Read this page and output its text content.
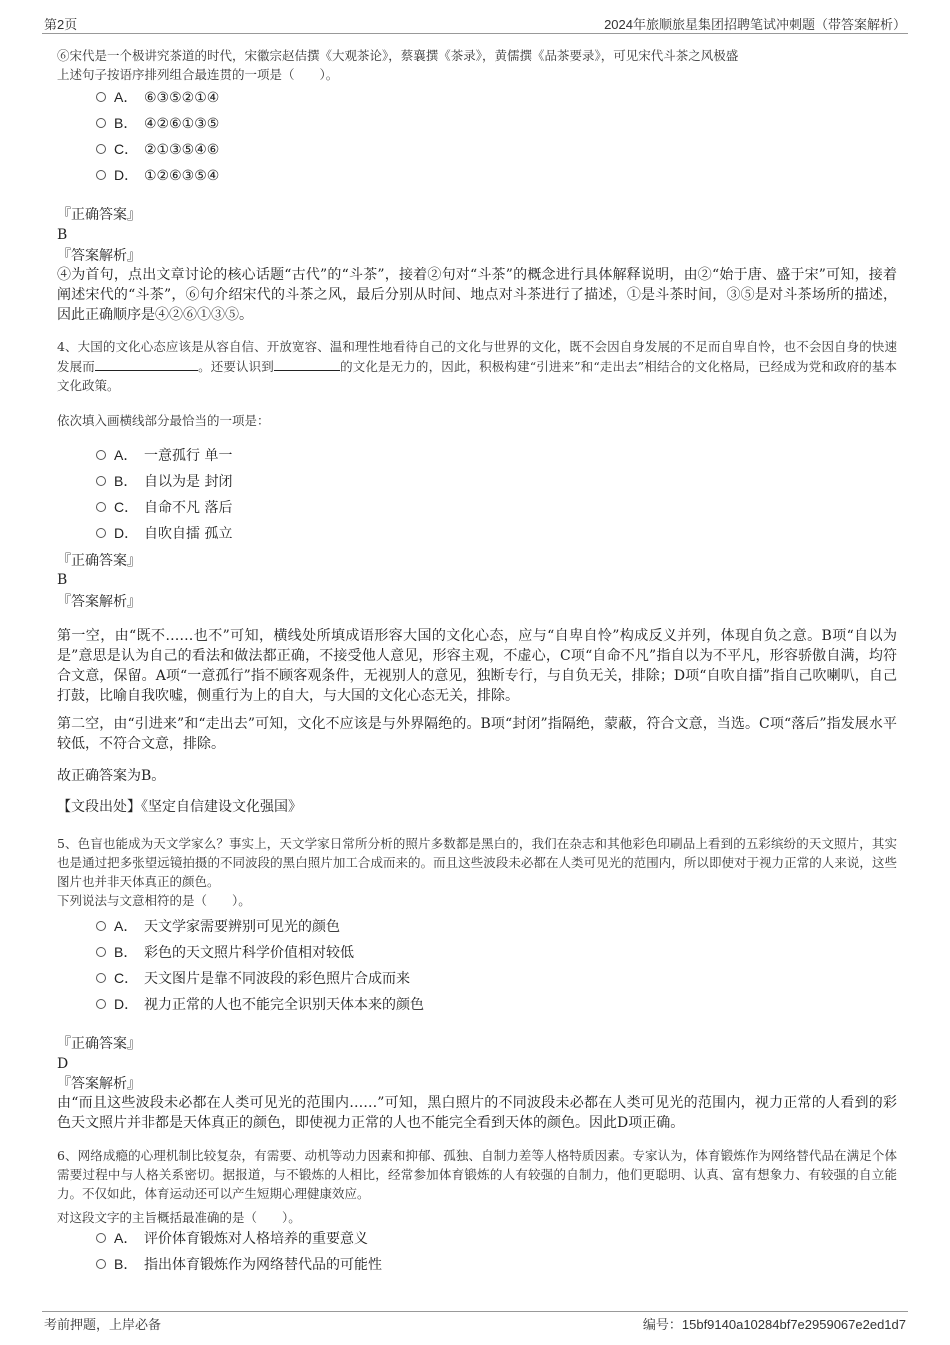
第2页	2024年旅顺旅星集团招聘笔试冲刺题（带答案解析）
⑥宋代是一个极讲究茶道的时代，宋徽宗赵佶撰《大观茶论》，蔡襄撰《茶录》，黄儒撰《品茶要录》，可见宋代斗茶之风极盛
上述句子按语序排列组合最连贯的一项是（　　）。
A． ⑥③⑤②①④
B． ④②⑥①③⑤
C． ②①③⑤④⑥
D． ①②⑥③⑤④
『正确答案』
B
『答案解析』
④为首句，点出文章讨论的核心话题“古代”的“斗茶”，接着②句对“斗茶”的概念进行具体解释说明，由②“始于唐、盛于宋”可知，接着阐述宋代的“斗茶”，⑥句介绍宋代的斗茶之风，最后分别从时间、地点对斗茶进行了描述，①是斗茶时间，③⑤是对斗茶场所的描述，因此正确顺序是④②⑥①③⑤。
4、大国的文化心态应该是从容自信、开放宽容、温和理性地看待自己的文化与世界的文化，既不会因自身发展的不足而自卑自怜，也不会因自身的快速发展而	。还要认识到	的文化是无力的，因此，积极构建“引进来”和“走出去”相结合的文化格局，已经成为党和政府的基本文化政策。
依次填入画横线部分最恰当的一项是：
A． 一意孤行 单一
B． 自以为是 封闭
C． 自命不凡 落后
D． 自吹自擂 孤立
『正确答案』
B
『答案解析』
第一空，由“既不……也不”可知，横线处所填成语形容大国的文化心态，应与“自卑自怜”构成反义并列，体现自负之意。B项“自以为是”意思是认为自己的看法和做法都正确，不接受他人意见，形容主观，不虚心，C项“自命不凡”指自以为不平凡，形容骄傲自满，均符合文意，保留。A项“一意孤行”指不顾客观条件，无视别人的意见，独断专行，与自负无关，排除；D项“自吹自擂”指自己吹喇叭，自己打鼓，比喻自我吹嘘，侧重行为上的自大，与大国的文化心态无关，排除。
第二空，由“引进来”和“走出去”可知，文化不应该是与外界隔绝的。B项“封闭”指隔绝，蒙蔽，符合文意，当选。C项“落后”指发展水平较低，不符合文意，排除。
故正确答案为B。
【文段出处】《坚定自信建设文化强国》
5、色盲也能成为天文学家么？事实上，天文学家日常所分析的照片多数都是黑白的，我们在杂志和其他彩色印刷品上看到的五彩缤纷的天文照片，其实也是通过把多张望远镜拍摄的不同波段的黑白照片加工合成而来的。而且这些波段未必都在人类可见光的范围内，所以即使对于视力正常的人来说，这些图片也并非天体真正的颜色。
下列说法与文意相符的是（　　）。
A． 天文学家需要辨别可见光的颜色
B． 彩色的天文照片科学价值相对较低
C． 天文图片是靠不同波段的彩色照片合成而来
D． 视力正常的人也不能完全识别天体本来的颜色
『正确答案』
D
『答案解析』
由“而且这些波段未必都在人类可见光的范围内……”可知，黑白照片的不同波段未必都在人类可见光的范围内，视力正常的人看到的彩色天文照片并非都是天体真正的颜色，即使视力正常的人也不能完全看到天体的颜色。因此D项正确。
6、网络成瘾的心理机制比较复杂，有需要、动机等动力因素和抑郁、孤独、自制力差等人格特质因素。专家认为，体育锻炼作为网络替代品在满足个体需要过程中与人格关系密切。据报道，与不锻炼的人相比，经常参加体育锻炼的人有较强的自制力，他们更聪明、认真、富有想象力、有较强的自立能力。不仅如此，体育运动还可以产生短期心理健康效应。
对这段文字的主旨概括最准确的是（　　）。
A． 评价体育锻炼对人格培养的重要意义
B． 指出体育锻炼作为网络替代品的可能性
考前押题，上岸必备	编号：15bf9140a10284bf7e2959067e2ed1d7
